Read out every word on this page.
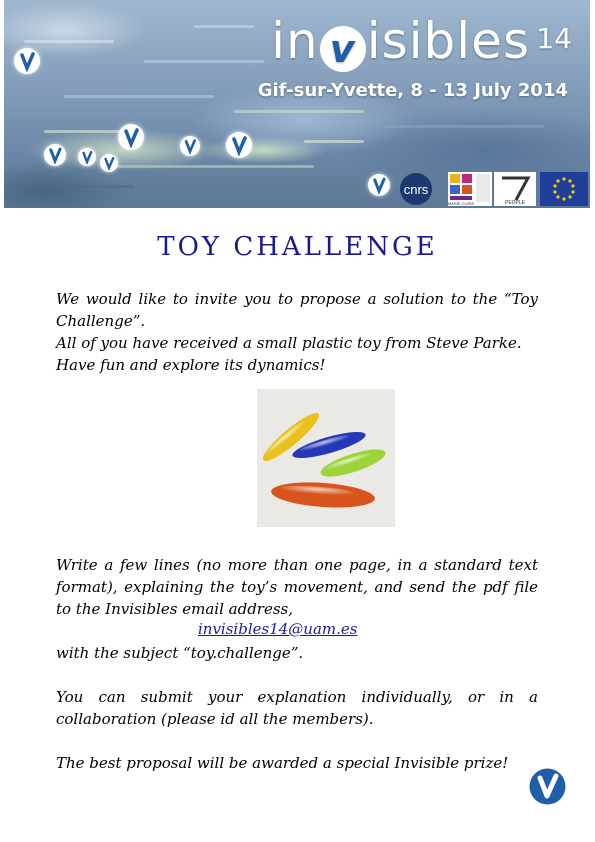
in v isibles 14
Gif-sur-Yvette, 8 - 13 July 2014
cnrs
MARIE CURIE	PEOPLE
TOY CHALLENGE
We would like to invite you to propose a solution to the “Toy Challenge”.
All of you have received a small plastic toy from Steve Parke.
Have fun and explore its dynamics!
Write a few lines (no more than one page, in a standard text format), explaining the toy’s movement, and send the pdf file to the Invisibles email address,
invisibles14@uam.es
with the subject “toy.challenge”.
You can submit your explanation individually, or in a collaboration (please id all the members).
The best proposal will be awarded a special Invisible prize!
